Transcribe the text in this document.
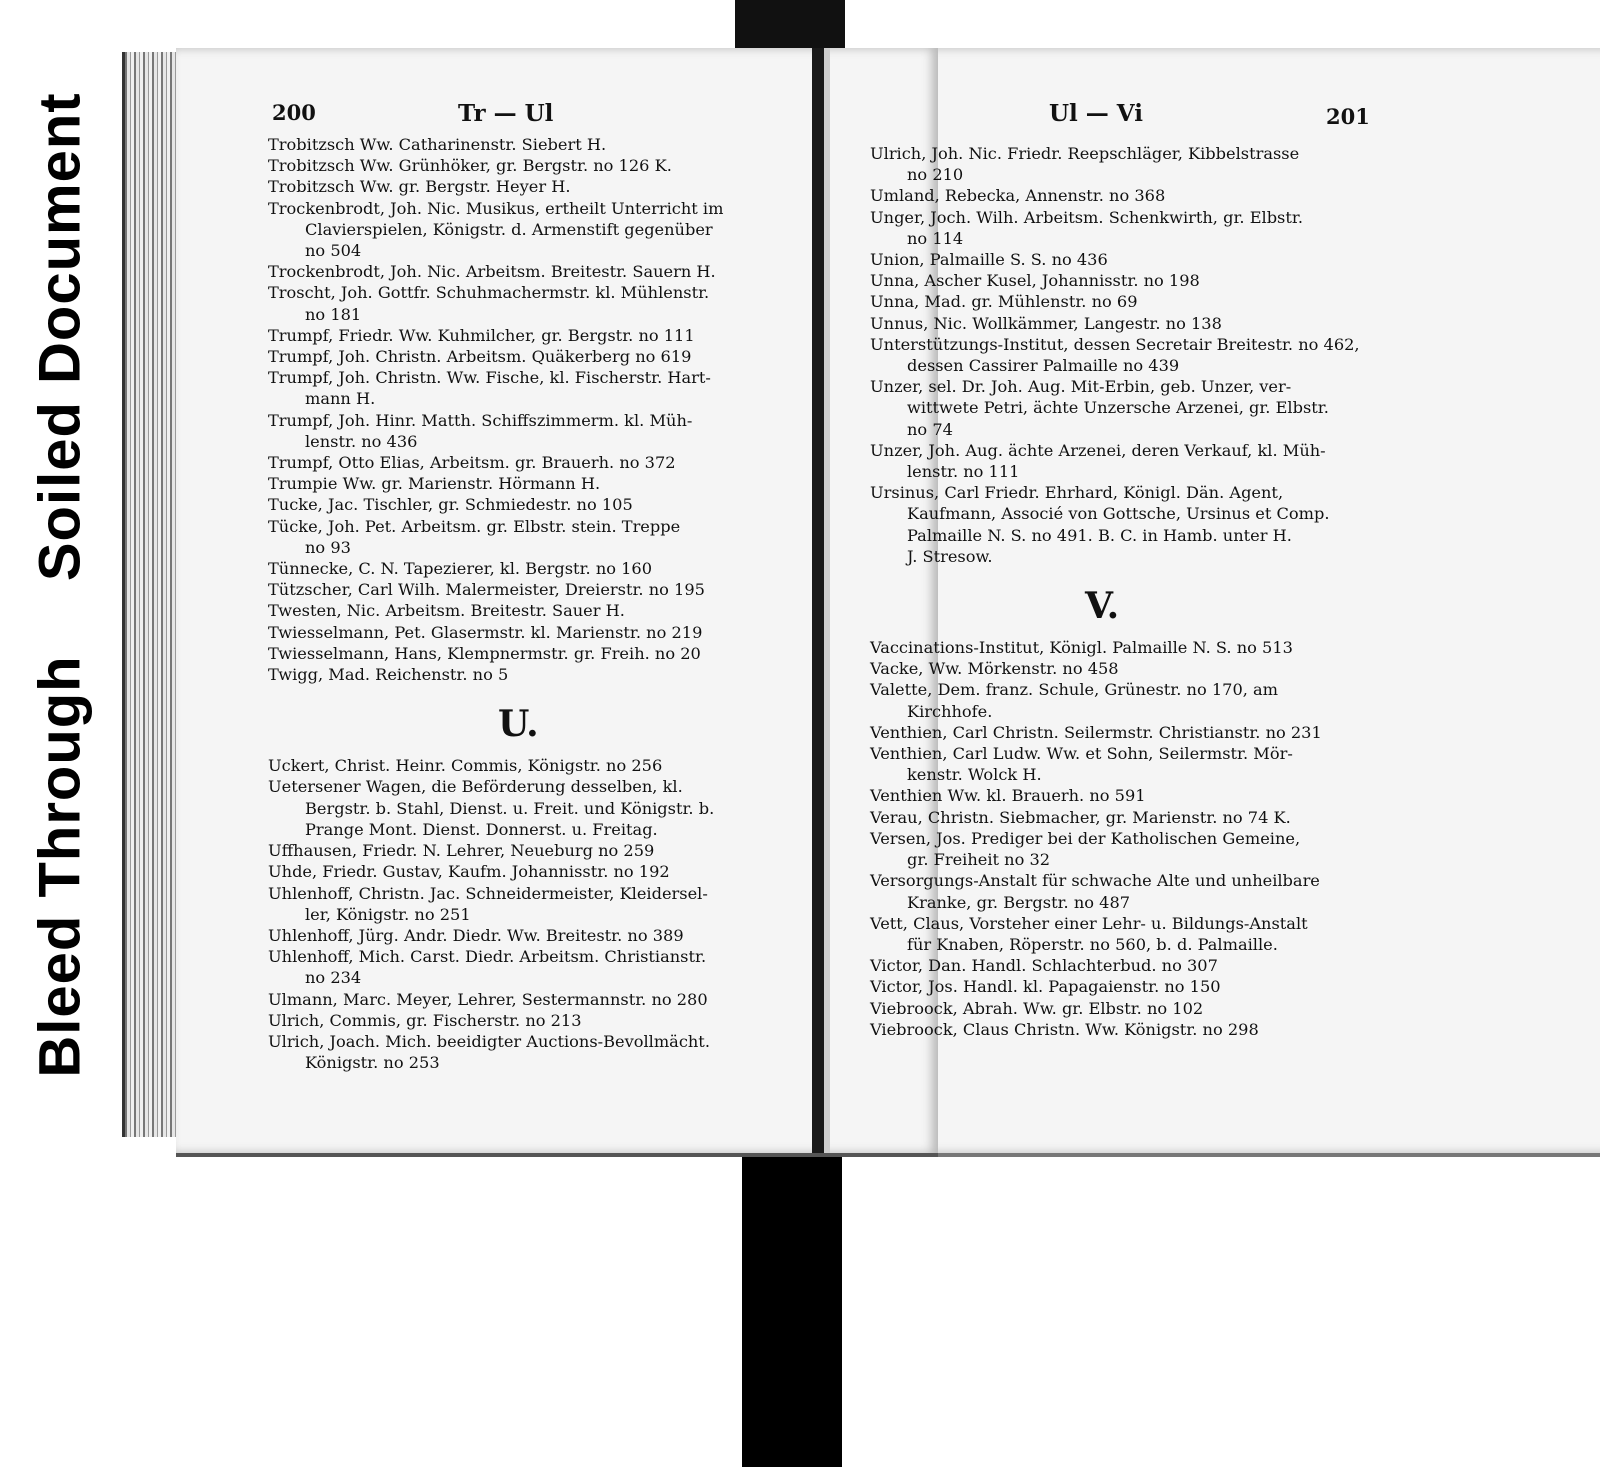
Bleed Through  Soiled Document	200	Tr — Ul
Trobitzsch Ww. Catharinenstr. Siebert H.
Trobitzsch Ww. Grünhöker, gr. Bergstr. no 126 K.
Trobitzsch Ww. gr. Bergstr. Heyer H.
Trockenbrodt, Joh. Nic. Musikus, ertheilt Unterricht im
Clavierspielen, Königstr. d. Armenstift gegenüber
no 504
Trockenbrodt, Joh. Nic. Arbeitsm. Breitestr. Sauern H.
Troscht, Joh. Gottfr. Schuhmachermstr. kl. Mühlenstr.
no 181
Trumpf, Friedr. Ww. Kuhmilcher, gr. Bergstr. no 111
Trumpf, Joh. Christn. Arbeitsm. Quäkerberg no 619
Trumpf, Joh. Christn. Ww. Fische, kl. Fischerstr. Hart-
mann H.
Trumpf, Joh. Hinr. Matth. Schiffszimmerm. kl. Müh-
lenstr. no 436
Trumpf, Otto Elias, Arbeitsm. gr. Brauerh. no 372
Trumpie Ww. gr. Marienstr. Hörmann H.
Tucke, Jac. Tischler, gr. Schmiedestr. no 105
Tücke, Joh. Pet. Arbeitsm. gr. Elbstr. stein. Treppe
no 93
Tünnecke, C. N. Tapezierer, kl. Bergstr. no 160
Tützscher, Carl Wilh. Malermeister, Dreierstr. no 195
Twesten, Nic. Arbeitsm. Breitestr. Sauer H.
Twiesselmann, Pet. Glasermstr. kl. Marienstr. no 219
Twiesselmann, Hans, Klempnermstr. gr. Freih. no 20
Twigg, Mad. Reichenstr. no 5
U.
Uckert, Christ. Heinr. Commis, Königstr. no 256
Uetersener Wagen, die Beförderung desselben, kl.
Bergstr. b. Stahl, Dienst. u. Freit. und Königstr. b.
Prange Mont. Dienst. Donnerst. u. Freitag.
Uffhausen, Friedr. N. Lehrer, Neueburg no 259
Uhde, Friedr. Gustav, Kaufm. Johannisstr. no 192
Uhlenhoff, Christn. Jac. Schneidermeister, Kleidersel-
ler, Königstr. no 251
Uhlenhoff, Jürg. Andr. Diedr. Ww. Breitestr. no 389
Uhlenhoff, Mich. Carst. Diedr. Arbeitsm. Christianstr.
no 234
Ulmann, Marc. Meyer, Lehrer, Sestermannstr. no 280
Ulrich, Commis, gr. Fischerstr. no 213
Ulrich, Joach. Mich. beeidigter Auctions-Bevollmächt.
Königstr. no 253
Ul — Vi	201
Ulrich, Joh. Nic. Friedr. Reepschläger, Kibbelstrasse
no 210
Umland, Rebecka, Annenstr. no 368
Unger, Joch. Wilh. Arbeitsm. Schenkwirth, gr. Elbstr.
no 114
Union, Palmaille S. S. no 436
Unna, Ascher Kusel, Johannisstr. no 198
Unna, Mad. gr. Mühlenstr. no 69
Unnus, Nic. Wollkämmer, Langestr. no 138
Unterstützungs-Institut, dessen Secretair Breitestr. no 462,
dessen Cassirer Palmaille no 439
Unzer, sel. Dr. Joh. Aug. Mit-Erbin, geb. Unzer, ver-
wittwete Petri, ächte Unzersche Arzenei, gr. Elbstr.
no 74
Unzer, Joh. Aug. ächte Arzenei, deren Verkauf, kl. Müh-
lenstr. no 111
Ursinus, Carl Friedr. Ehrhard, Königl. Dän. Agent,
Kaufmann, Associé von Gottsche, Ursinus et Comp.
Palmaille N. S. no 491. B. C. in Hamb. unter H.
J. Stresow.
V.
Vaccinations-Institut, Königl. Palmaille N. S. no 513
Vacke, Ww. Mörkenstr. no 458
Valette, Dem. franz. Schule, Grünestr. no 170, am
Kirchhofe.
Venthien, Carl Christn. Seilermstr. Christianstr. no 231
Venthien, Carl Ludw. Ww. et Sohn, Seilermstr. Mör-
kenstr. Wolck H.
Venthien Ww. kl. Brauerh. no 591
Verau, Christn. Siebmacher, gr. Marienstr. no 74 K.
Versen, Jos. Prediger bei der Katholischen Gemeine,
gr. Freiheit no 32
Versorgungs-Anstalt für schwache Alte und unheilbare
Kranke, gr. Bergstr. no 487
Vett, Claus, Vorsteher einer Lehr- u. Bildungs-Anstalt
für Knaben, Röperstr. no 560, b. d. Palmaille.
Victor, Dan. Handl. Schlachterbud. no 307
Victor, Jos. Handl. kl. Papagaienstr. no 150
Viebroock, Abrah. Ww. gr. Elbstr. no 102
Viebroock, Claus Christn. Ww. Königstr. no 298
